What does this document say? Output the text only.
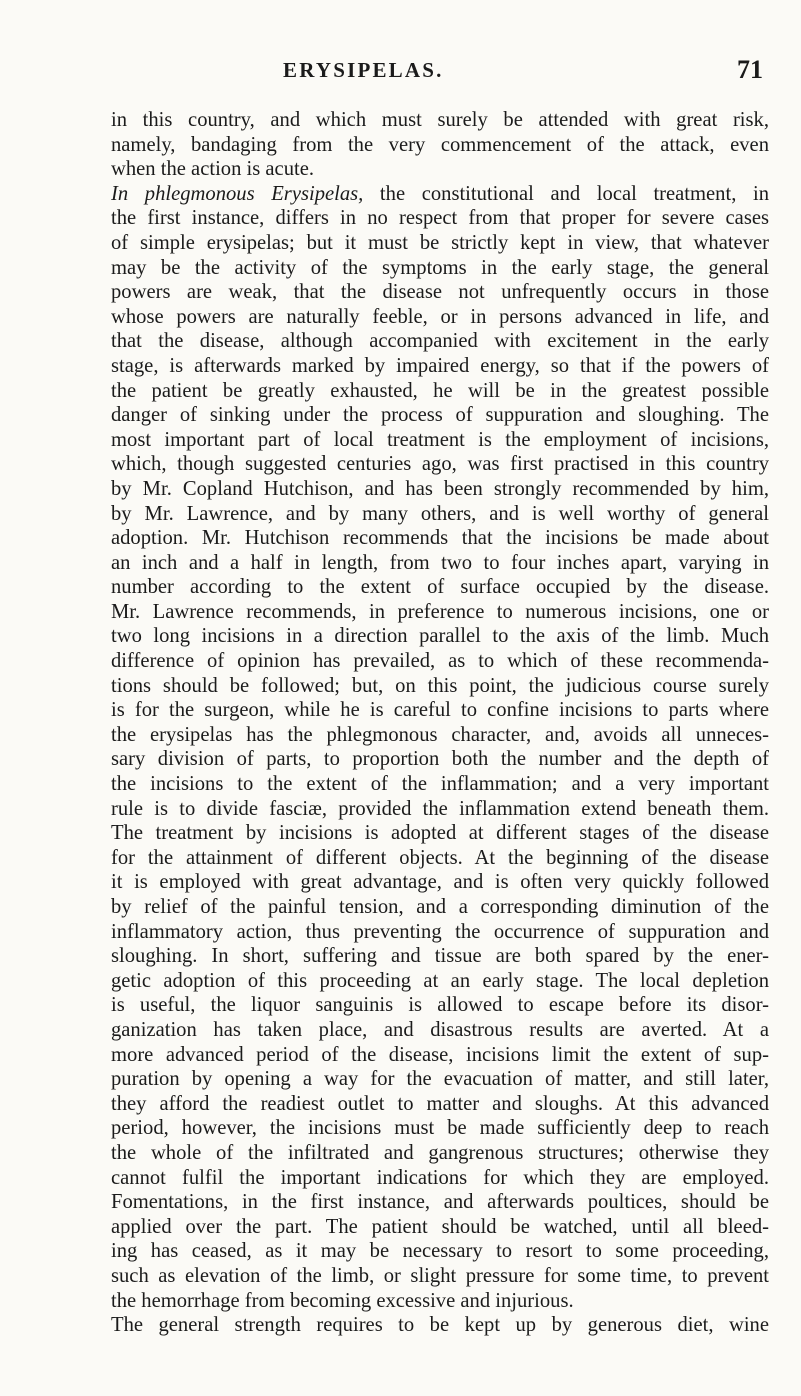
ERYSIPELAS.	71
in this country, and which must surely be attended with great risk,
namely, bandaging from the very commencement of the attack, even
when the action is acute.
In phlegmonous Erysipelas, the constitutional and local treatment, in
the first instance, differs in no respect from that proper for severe cases
of simple erysipelas; but it must be strictly kept in view, that whatever
may be the activity of the symptoms in the early stage, the general
powers are weak, that the disease not unfrequently occurs in those
whose powers are naturally feeble, or in persons advanced in life, and
that the disease, although accompanied with excitement in the early
stage, is afterwards marked by impaired energy, so that if the powers of
the patient be greatly exhausted, he will be in the greatest possible
danger of sinking under the process of suppuration and sloughing. The
most important part of local treatment is the employment of incisions,
which, though suggested centuries ago, was first practised in this country
by Mr. Copland Hutchison, and has been strongly recommended by him,
by Mr. Lawrence, and by many others, and is well worthy of general
adoption. Mr. Hutchison recommends that the incisions be made about
an inch and a half in length, from two to four inches apart, varying in
number according to the extent of surface occupied by the disease.
Mr. Lawrence recommends, in preference to numerous incisions, one or
two long incisions in a direction parallel to the axis of the limb. Much
difference of opinion has prevailed, as to which of these recommenda-
tions should be followed; but, on this point, the judicious course surely
is for the surgeon, while he is careful to confine incisions to parts where
the erysipelas has the phlegmonous character, and, avoids all unneces-
sary division of parts, to proportion both the number and the depth of
the incisions to the extent of the inflammation; and a very important
rule is to divide fasciæ, provided the inflammation extend beneath them.
The treatment by incisions is adopted at different stages of the disease
for the attainment of different objects. At the beginning of the disease
it is employed with great advantage, and is often very quickly followed
by relief of the painful tension, and a corresponding diminution of the
inflammatory action, thus preventing the occurrence of suppuration and
sloughing. In short, suffering and tissue are both spared by the ener-
getic adoption of this proceeding at an early stage. The local depletion
is useful, the liquor sanguinis is allowed to escape before its disor-
ganization has taken place, and disastrous results are averted. At a
more advanced period of the disease, incisions limit the extent of sup-
puration by opening a way for the evacuation of matter, and still later,
they afford the readiest outlet to matter and sloughs. At this advanced
period, however, the incisions must be made sufficiently deep to reach
the whole of the infiltrated and gangrenous structures; otherwise they
cannot fulfil the important indications for which they are employed.
Fomentations, in the first instance, and afterwards poultices, should be
applied over the part. The patient should be watched, until all bleed-
ing has ceased, as it may be necessary to resort to some proceeding,
such as elevation of the limb, or slight pressure for some time, to prevent
the hemorrhage from becoming excessive and injurious.
The general strength requires to be kept up by generous diet, wine
